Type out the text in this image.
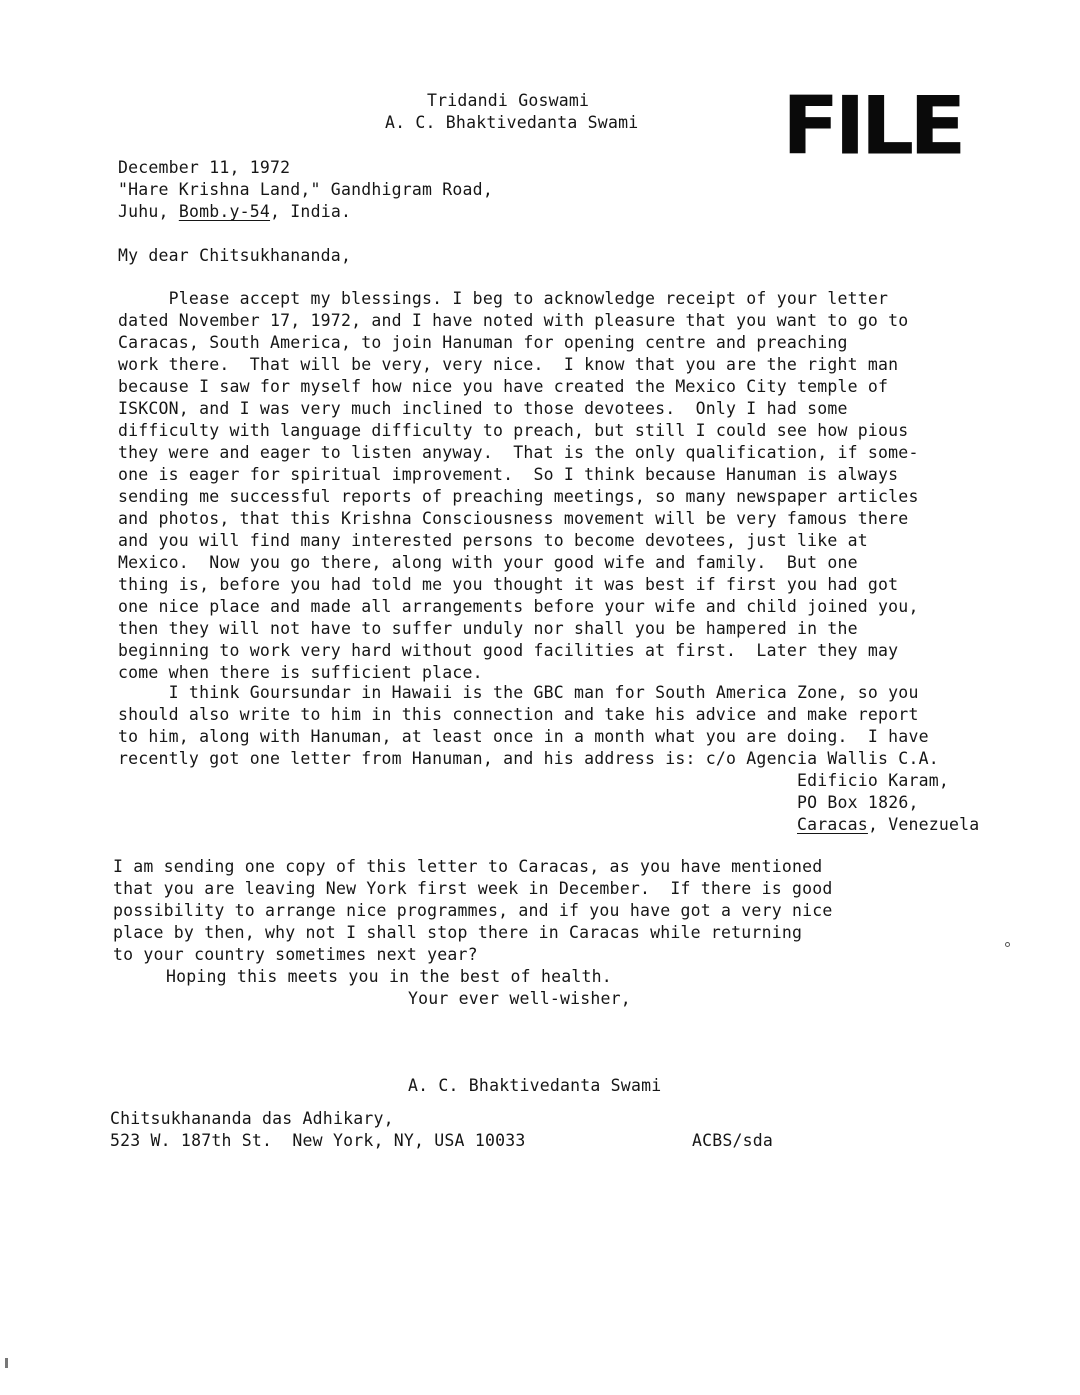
Tridandi Goswami
A. C. Bhaktivedanta Swami FILE
December 11, 1972
"Hare Krishna Land," Gandhigram Road,
Juhu, Bomb.y-54, India.
My dear Chitsukhananda,
Please accept my blessings. I beg to acknowledge receipt of your letter
dated November 17, 1972, and I have noted with pleasure that you want to go to
Caracas, South America, to join Hanuman for opening centre and preaching
work there.  That will be very, very nice.  I know that you are the right man
because I saw for myself how nice you have created the Mexico City temple of
ISKCON, and I was very much inclined to those devotees.  Only I had some
difficulty with language difficulty to preach, but still I could see how pious
they were and eager to listen anyway.  That is the only qualification, if some-
one is eager for spiritual improvement.  So I think because Hanuman is always
sending me successful reports of preaching meetings, so many newspaper articles
and photos, that this Krishna Consciousness movement will be very famous there
and you will find many interested persons to become devotees, just like at
Mexico.  Now you go there, along with your good wife and family.  But one
thing is, before you had told me you thought it was best if first you had got
one nice place and made all arrangements before your wife and child joined you,
then they will not have to suffer unduly nor shall you be hampered in the
beginning to work very hard without good facilities at first.  Later they may
come when there is sufficient place.
I think Goursundar in Hawaii is the GBC man for South America Zone, so you
should also write to him in this connection and take his advice and make report
to him, along with Hanuman, at least once in a month what you are doing.  I have
recently got one letter from Hanuman, and his address is: c/o Agencia Wallis C.A.
Edificio Karam,
PO Box 1826,
Caracas, Venezuela
I am sending one copy of this letter to Caracas, as you have mentioned
that you are leaving New York first week in December.  If there is good
possibility to arrange nice programmes, and if you have got a very nice
place by then, why not I shall stop there in Caracas while returning
to your country sometimes next year?
Hoping this meets you in the best of health.
Your ever well-wisher,
A. C. Bhaktivedanta Swami
Chitsukhananda das Adhikary,
523 W. 187th St.  New York, NY, USA 10033	ACBS/sda
